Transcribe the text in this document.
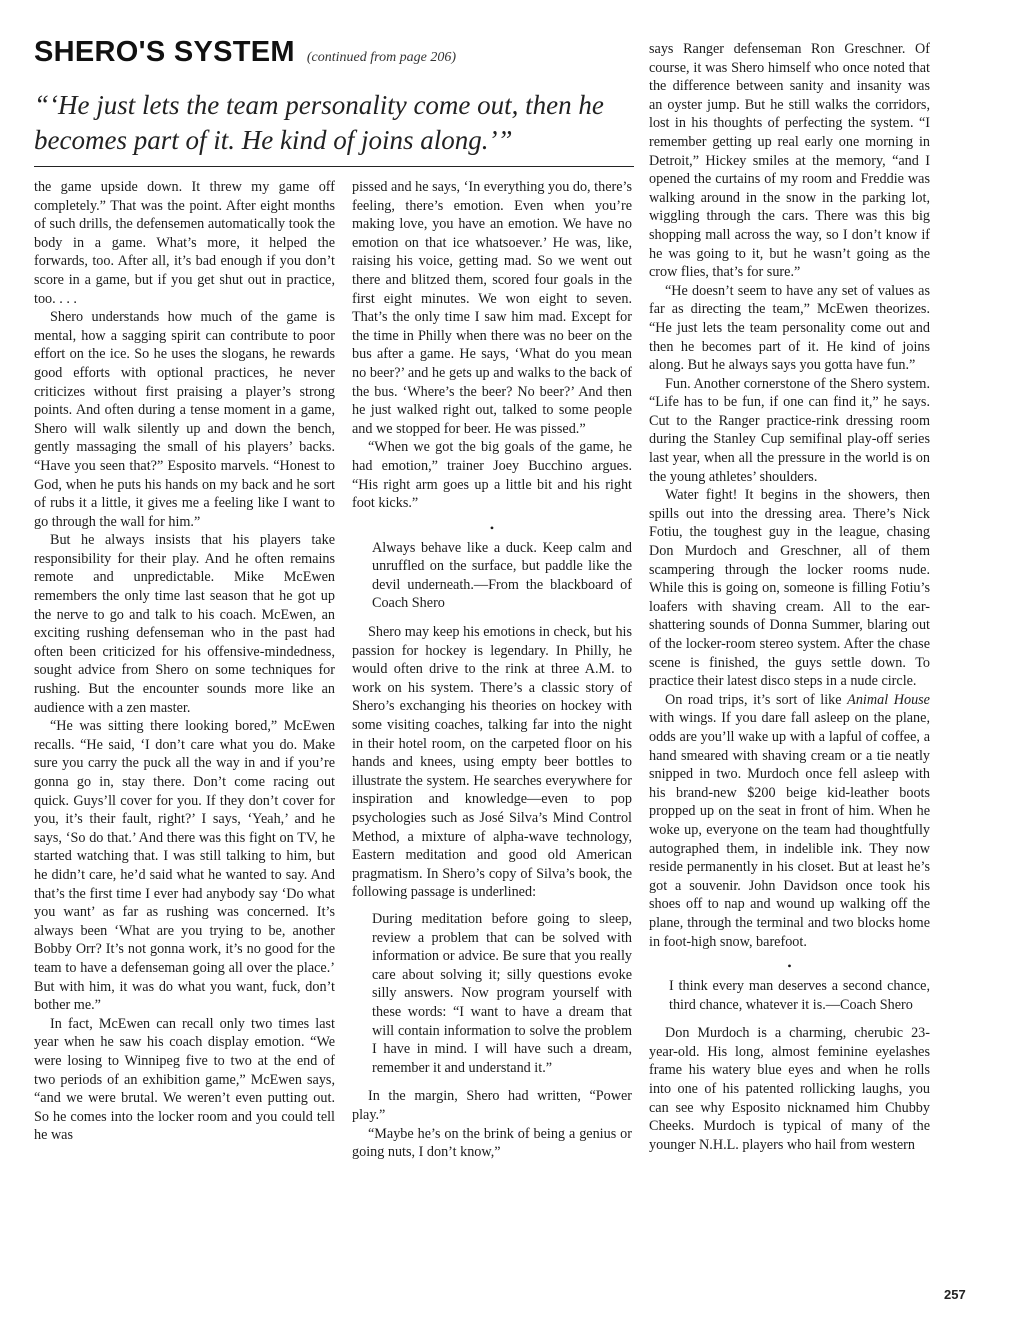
SHERO'S SYSTEM (continued from page 206)
“‘He just lets the team personality come out, then he becomes part of it. He kind of joins along.’”

the game upside down. It threw my game off completely.” That was the point. After eight months of such drills, the defensemen automatically took the body in a game. What’s more, it helped the forwards, too. After all, it’s bad enough if you don’t score in a game, but if you get shut out in practice, too. . . .

Shero understands how much of the game is mental, how a sagging spirit can contribute to poor effort on the ice. So he uses the slogans, he rewards good efforts with optional practices, he never criticizes without first praising a player’s strong points. And often during a tense moment in a game, Shero will walk silently up and down the bench, gently massaging the small of his players’ backs. “Have you seen that?” Esposito marvels. “Honest to God, when he puts his hands on my back and he sort of rubs it a little, it gives me a feeling like I want to go through the wall for him.”

But he always insists that his players take responsibility for their play. And he often remains remote and unpredictable. Mike McEwen remembers the only time last season that he got up the nerve to go and talk to his coach. McEwen, an exciting rushing defenseman who in the past had often been criticized for his offensive-mindedness, sought advice from Shero on some techniques for rushing. But the encounter sounds more like an audience with a zen master.

“He was sitting there looking bored,” McEwen recalls. “He said, ‘I don’t care what you do. Make sure you carry the puck all the way in and if you’re gonna go in, stay there. Don’t come racing out quick. Guys’ll cover for you. If they don’t cover for you, it’s their fault, right?’ I says, ‘Yeah,’ and he says, ‘So do that.’ And there was this fight on TV, he started watching that. I was still talking to him, but he didn’t care, he’d said what he wanted to say. And that’s the first time I ever had anybody say ‘Do what you want’ as far as rushing was concerned. It’s always been ‘What are you trying to be, another Bobby Orr? It’s not gonna work, it’s no good for the team to have a defenseman going all over the place.’ But with him, it was do what you want, fuck, don’t bother me.”

In fact, McEwen can recall only two times last year when he saw his coach display emotion. “We were losing to Winnipeg five to two at the end of two periods of an exhibition game,” McEwen says, “and we were brutal. We weren’t even putting out. So he comes into the locker room and you could tell he was

pissed and he says, ‘In everything you do, there’s feeling, there’s emotion. Even when you’re making love, you have an emotion. We have no emotion on that ice whatsoever.’ He was, like, raising his voice, getting mad. So we went out there and blitzed them, scored four goals in the first eight minutes. We won eight to seven. That’s the only time I saw him mad. Except for the time in Philly when there was no beer on the bus after a game. He says, ‘What do you mean no beer?’ and he gets up and walks to the back of the bus. ‘Where’s the beer? No beer?’ And then he just walked right out, talked to some people and we stopped for beer. He was pissed.”

“When we got the big goals of the game, he had emotion,” trainer Joey Bucchino argues. “His right arm goes up a little bit and his right foot kicks.”

•
Always behave like a duck. Keep calm and unruffled on the surface, but paddle like the devil underneath.—From the blackboard of Coach Shero

Shero may keep his emotions in check, but his passion for hockey is legendary. In Philly, he would often drive to the rink at three A.M. to work on his system. There’s a classic story of Shero’s exchanging his theories on hockey with some visiting coaches, talking far into the night in their hotel room, on the carpeted floor on his hands and knees, using empty beer bottles to illustrate the system. He searches everywhere for inspiration and knowledge—even to pop psychologies such as José Silva’s Mind Control Method, a mixture of alpha-wave technology, Eastern meditation and good old American pragmatism. In Shero’s copy of Silva’s book, the following passage is underlined:

During meditation before going to sleep, review a problem that can be solved with information or advice. Be sure that you really care about solving it; silly questions evoke silly answers. Now program yourself with these words: “I want to have a dream that will contain information to solve the problem I have in mind. I will have such a dream, remember it and understand it.”

In the margin, Shero had written, “Power play.”

“Maybe he’s on the brink of being a genius or going nuts, I don’t know,”

says Ranger defenseman Ron Greschner. Of course, it was Shero himself who once noted that the difference between sanity and insanity was an oyster jump. But he still walks the corridors, lost in his thoughts of perfecting the system. “I remember getting up real early one morning in Detroit,” Hickey smiles at the memory, “and I opened the curtains of my room and Freddie was walking around in the snow in the parking lot, wiggling through the cars. There was this big shopping mall across the way, so I don’t know if he was going to it, but he wasn’t going as the crow flies, that’s for sure.”

“He doesn’t seem to have any set of values as far as directing the team,” McEwen theorizes. “He just lets the team personality come out and then he becomes part of it. He kind of joins along. But he always says you gotta have fun.”

Fun. Another cornerstone of the Shero system. “Life has to be fun, if one can find it,” he says. Cut to the Ranger practice-rink dressing room during the Stanley Cup semifinal play-off series last year, when all the pressure in the world is on the young athletes’ shoulders.

Water fight! It begins in the showers, then spills out into the dressing area. There’s Nick Fotiu, the toughest guy in the league, chasing Don Murdoch and Greschner, all of them scampering through the locker rooms nude. While this is going on, someone is filling Fotiu’s loafers with shaving cream. All to the ear-shattering sounds of Donna Summer, blaring out of the locker-room stereo system. After the chase scene is finished, the guys settle down. To practice their latest disco steps in a nude circle.

On road trips, it’s sort of like Animal House with wings. If you dare fall asleep on the plane, odds are you’ll wake up with a lapful of coffee, a hand smeared with shaving cream or a tie neatly snipped in two. Murdoch once fell asleep with his brand-new $200 beige kid-leather boots propped up on the seat in front of him. When he woke up, everyone on the team had thoughtfully autographed them, in indelible ink. They now reside permanently in his closet. But at least he’s got a souvenir. John Davidson once took his shoes off to nap and wound up walking off the plane, through the terminal and two blocks home in foot-high snow, barefoot.

•
I think every man deserves a second chance, third chance, whatever it is.—Coach Shero

Don Murdoch is a charming, cherubic 23-year-old. His long, almost feminine eyelashes frame his watery blue eyes and when he rolls into one of his patented rollicking laughs, you can see why Esposito nicknamed him Chubby Cheeks. Murdoch is typical of many of the younger N.H.L. players who hail from western

257
